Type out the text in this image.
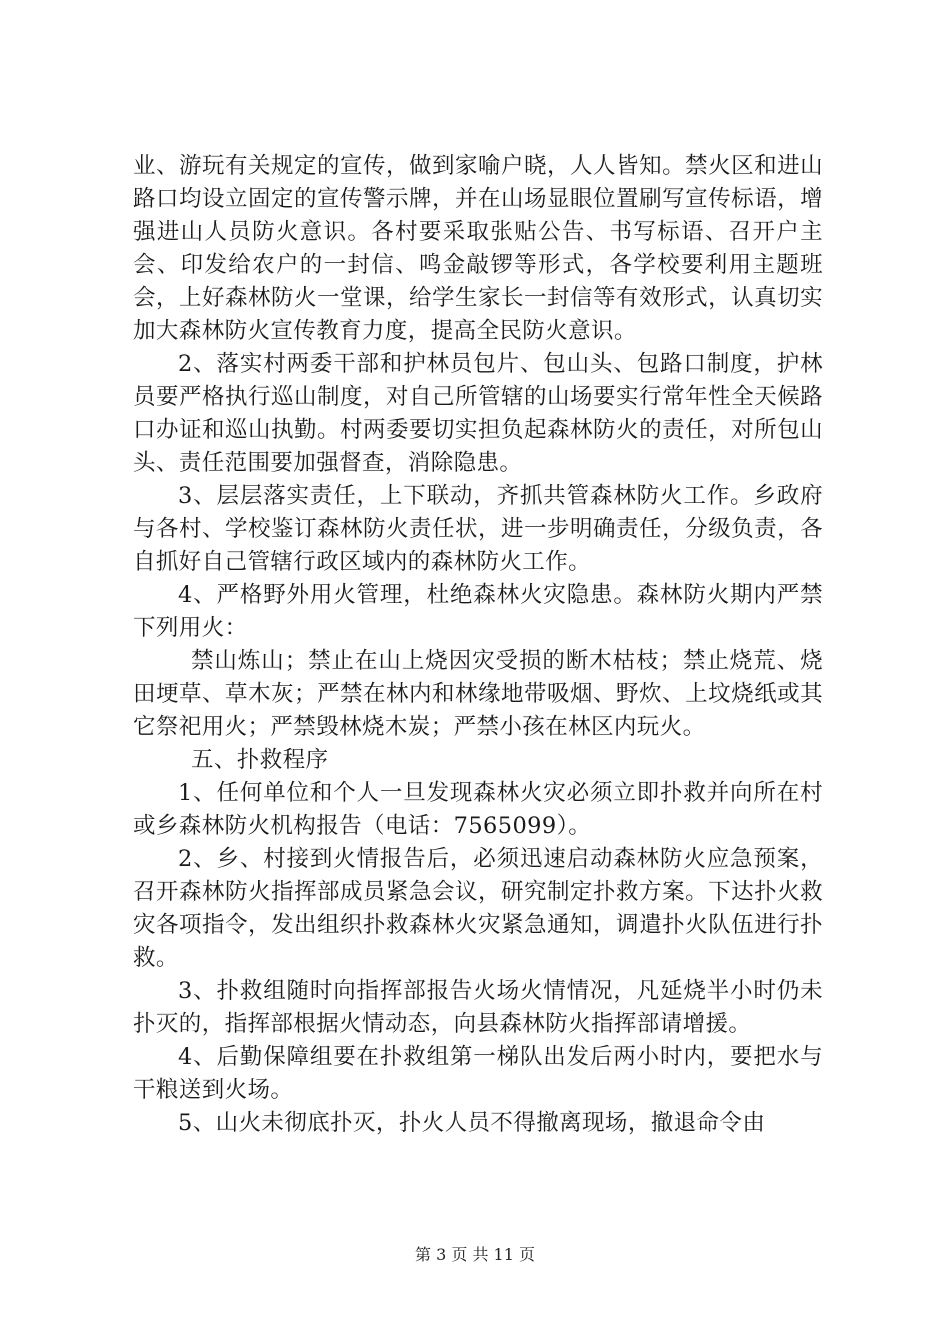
业、游玩有关规定的宣传，做到家喻户晓，人人皆知。禁火区和进山路口均设立固定的宣传警示牌，并在山场显眼位置刷写宣传标语，增强进山人员防火意识。各村要采取张贴公告、书写标语、召开户主会、印发给农户的一封信、鸣金敲锣等形式，各学校要利用主题班会，上好森林防火一堂课，给学生家长一封信等有效形式，认真切实加大森林防火宣传教育力度，提高全民防火意识。

2、落实村两委干部和护林员包片、包山头、包路口制度，护林员要严格执行巡山制度，对自己所管辖的山场要实行常年性全天候路口办证和巡山执勤。村两委要切实担负起森林防火的责任，对所包山头、责任范围要加强督查，消除隐患。

3、层层落实责任，上下联动，齐抓共管森林防火工作。乡政府与各村、学校鉴订森林防火责任状，进一步明确责任，分级负责，各自抓好自己管辖行政区域内的森林防火工作。

4、严格野外用火管理，杜绝森林火灾隐患。森林防火期内严禁下列用火：

禁山炼山；禁止在山上烧因灾受损的断木枯枝；禁止烧荒、烧田埂草、草木灰；严禁在林内和林缘地带吸烟、野炊、上坟烧纸或其它祭祀用火；严禁毁林烧木炭；严禁小孩在林区内玩火。

五、扑救程序

1、任何单位和个人一旦发现森林火灾必须立即扑救并向所在村或乡森林防火机构报告（电话：7565099）。

2、乡、村接到火情报告后，必须迅速启动森林防火应急预案，召开森林防火指挥部成员紧急会议，研究制定扑救方案。下达扑火救灾各项指令，发出组织扑救森林火灾紧急通知，调遣扑火队伍进行扑救。

3、扑救组随时向指挥部报告火场火情情况，凡延烧半小时仍未扑灭的，指挥部根据火情动态，向县森林防火指挥部请增援。

4、后勤保障组要在扑救组第一梯队出发后两小时内，要把水与干粮送到火场。

5、山火未彻底扑灭，扑火人员不得撤离现场，撤退命令由

第 3 页 共 11 页
